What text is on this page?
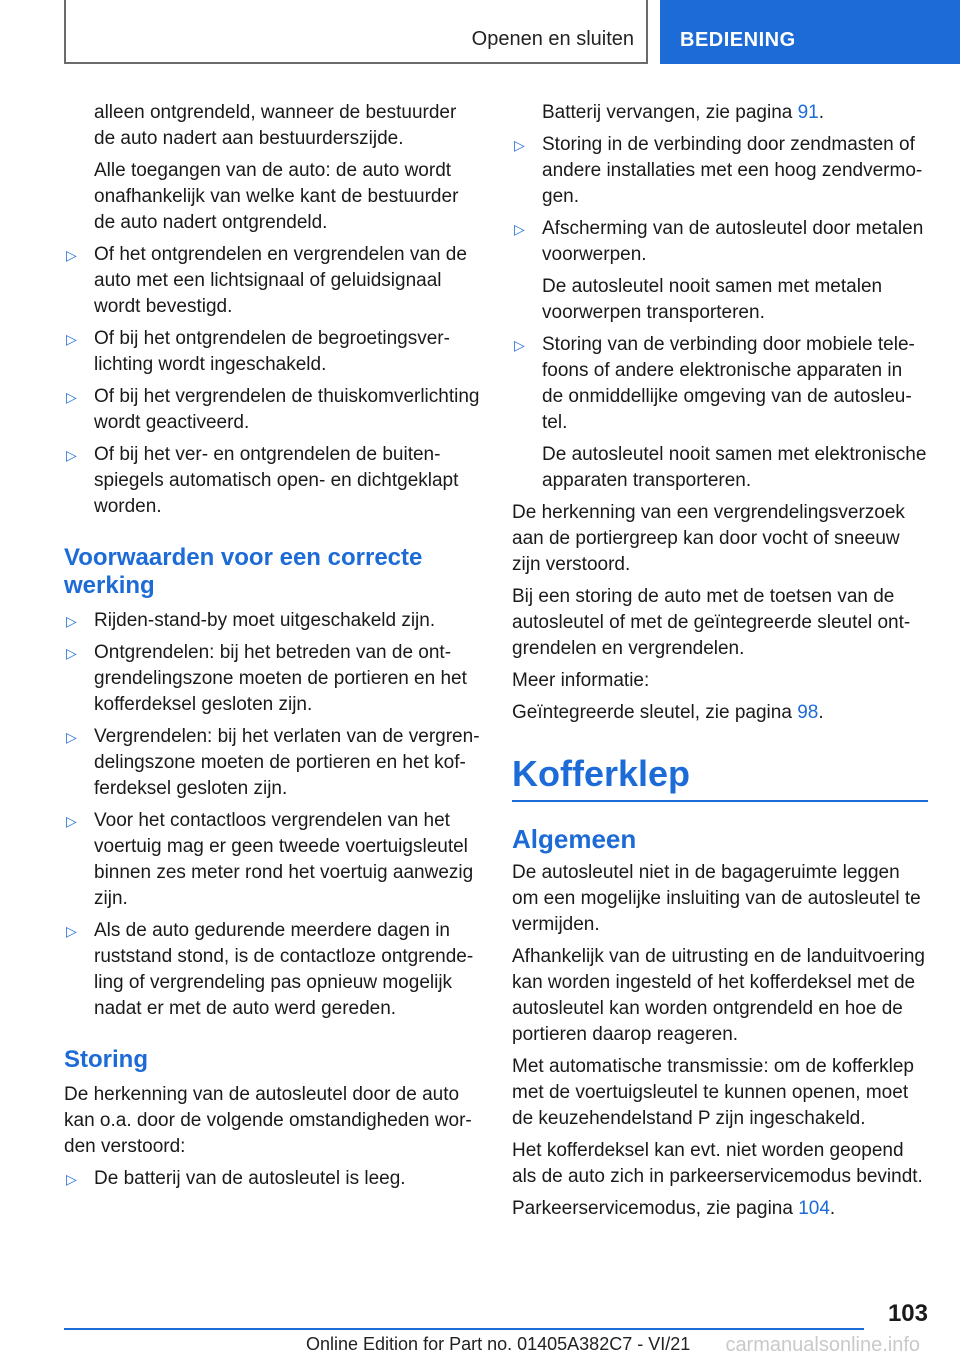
Openen en sluiten BEDIENING

alleen ontgrendeld, wanneer de bestuurder de auto nadert aan bestuurderszijde.

Alle toegangen van de auto: de auto wordt onafhankelijk van welke kant de bestuurder de auto nadert ontgrendeld.

▷ Of het ontgrendelen en vergrendelen van de auto met een lichtsignaal of geluidsignaal wordt bevestigd.
▷ Of bij het ontgrendelen de begroetingsverlichting wordt ingeschakeld.
▷ Of bij het vergrendelen de thuiskomverlichting wordt geactiveerd.
▷ Of bij het ver- en ontgrendelen de buitenspiegels automatisch open- en dichtgeklapt worden.
Voorwaarden voor een correcte werking
▷ Rijden-stand-by moet uitgeschakeld zijn.
▷ Ontgrendelen: bij het betreden van de ontgrendelingszone moeten de portieren en het kofferdeksel gesloten zijn.
▷ Vergrendelen: bij het verlaten van de vergrendelingszone moeten de portieren en het kofferdeksel gesloten zijn.
▷ Voor het contactloos vergrendelen van het voertuig mag er geen tweede voertuigsleutel binnen zes meter rond het voertuig aanwezig zijn.
▷ Als de auto gedurende meerdere dagen in ruststand stond, is de contactloze ontgrendeling of vergrendeling pas opnieuw mogelijk nadat er met de auto werd gereden.
Storing

De herkenning van de autosleutel door de auto kan o.a. door de volgende omstandigheden worden verstoord:

▷ De batterij van de autosleutel is leeg.

Batterij vervangen, zie pagina 91.

▷ Storing in de verbinding door zendmasten of andere installaties met een hoog zendvermogen.
▷ Afscherming van de autosleutel door metalen voorwerpen.
De autosleutel nooit samen met metalen voorwerpen transporteren.
▷ Storing van de verbinding door mobiele telefoons of andere elektronische apparaten in de onmiddellijke omgeving van de autosleutel.
De autosleutel nooit samen met elektronische apparaten transporteren.

De herkenning van een vergrendelingsverzoek aan de portiergreep kan door vocht of sneeuw zijn verstoord.

Bij een storing de auto met de toetsen van de autosleutel of met de geïntegreerde sleutel ontgrendelen en vergrendelen.

Meer informatie:

Geïntegreerde sleutel, zie pagina 98.

Kofferklep
Algemeen

De autosleutel niet in de bagageruimte leggen om een mogelijke insluiting van de autosleutel te vermijden.

Afhankelijk van de uitrusting en de landuitvoering kan worden ingesteld of het kofferdeksel met de autosleutel kan worden ontgrendeld en hoe de portieren daarop reageren.

Met automatische transmissie: om de kofferklep met de voertuigsleutel te kunnen openen, moet de keuzehendelstand P zijn ingeschakeld.

Het kofferdeksel kan evt. niet worden geopend als de auto zich in parkeerservicemodus bevindt.

Parkeerservicemodus, zie pagina 104.

103
Online Edition for Part no. 01405A382C7 - VI/21 carmanualsonline.info
